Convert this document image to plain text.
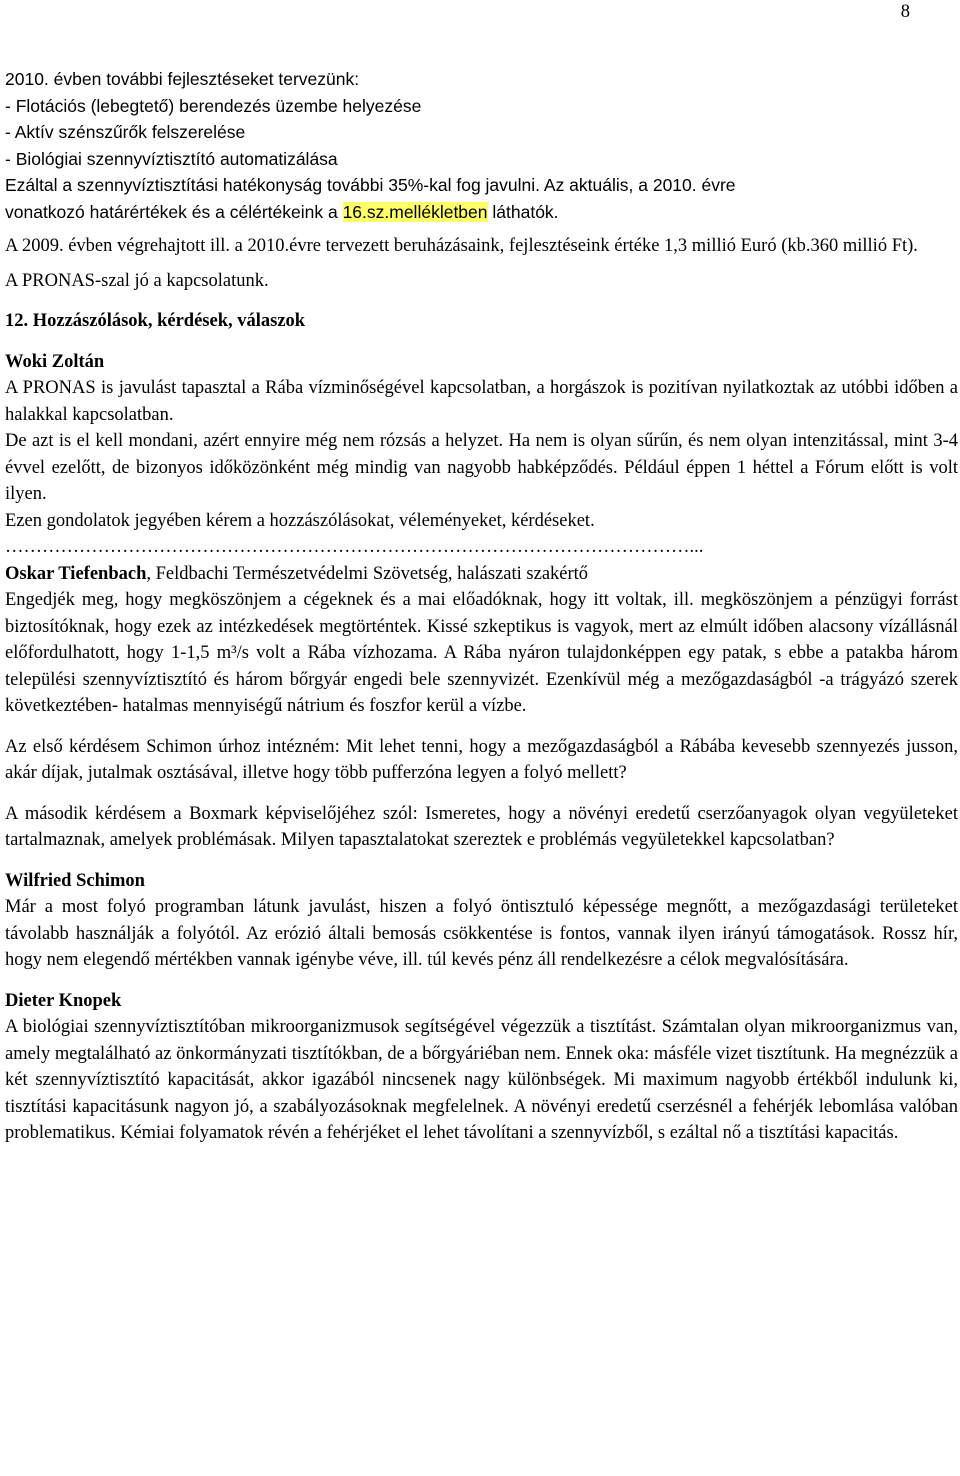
8
2010. évben további fejlesztéseket tervezünk:
- Flotációs (lebegtető) berendezés üzembe helyezése
- Aktív szénszűrők felszerelése
- Biológiai szennyvíztisztító automatizálása
Ezáltal a szennyvíztisztítási hatékonyság további 35%-kal fog javulni. Az aktuális, a 2010. évre
vonatkozó határértékek és a célértékeink a 16.sz.mellékletben láthatók.

A 2009. évben végrehajtott ill. a 2010.évre tervezett beruházásaink, fejlesztéseink értéke 1,3 millió Euró (kb.360 millió Ft).

A PRONAS-szal jó a kapcsolatunk.

12. Hozzászólások, kérdések, válaszok

Woki Zoltán

A PRONAS is javulást tapasztal a Rába vízminőségével kapcsolatban, a horgászok is pozitívan nyilatkoztak az utóbbi időben a halakkal kapcsolatban.

De azt is el kell mondani, azért ennyire még nem rózsás a helyzet. Ha nem is olyan sűrűn, és nem olyan intenzitással, mint 3-4 évvel ezelőtt, de bizonyos időközönként még mindig van nagyobb habképződés. Például éppen 1 héttel a Fórum előtt is volt ilyen.

Ezen gondolatok jegyében kérem a hozzászólásokat, véleményeket, kérdéseket.

…………………………………………………………………………………………………...

Oskar Tiefenbach, Feldbachi Természetvédelmi Szövetség, halászati szakértő

Engedjék meg, hogy megköszönjem a cégeknek és a mai előadóknak, hogy itt voltak, ill. megköszönjem a pénzügyi forrást biztosítóknak, hogy ezek az intézkedések megtörténtek. Kissé szkeptikus is vagyok, mert az elmúlt időben alacsony vízállásnál előfordulhatott, hogy 1-1,5 m³/s volt a Rába vízhozama. A Rába nyáron tulajdonképpen egy patak, s ebbe a patakba három települési szennyvíztisztító és három bőrgyár engedi bele szennyvizét. Ezenkívül még a mezőgazdaságból -a trágyázó szerek következtében- hatalmas mennyiségű nátrium és foszfor kerül a vízbe.

Az első kérdésem Schimon úrhoz intézném: Mit lehet tenni, hogy a mezőgazdaságból a Rábába kevesebb szennyezés jusson, akár díjak, jutalmak osztásával, illetve hogy több pufferzóna legyen a folyó mellett?

A második kérdésem a Boxmark képviselőjéhez szól: Ismeretes, hogy a növényi eredetű cserzőanyagok olyan vegyületeket tartalmaznak, amelyek problémásak. Milyen tapasztalatokat szereztek e problémás vegyületekkel kapcsolatban?

Wilfried Schimon

Már a most folyó programban látunk javulást, hiszen a folyó öntisztuló képessége megnőtt, a mezőgazdasági területeket távolabb használják a folyótól. Az erózió általi bemosás csökkentése is fontos, vannak ilyen irányú támogatások. Rossz hír, hogy nem elegendő mértékben vannak igénybe véve, ill. túl kevés pénz áll rendelkezésre a célok megvalósítására.

Dieter Knopek

A biológiai szennyvíztisztítóban mikroorganizmusok segítségével végezzük a tisztítást. Számtalan olyan mikroorganizmus van, amely megtalálható az önkormányzati tisztítókban, de a bőrgyáriéban nem. Ennek oka: másféle vizet tisztítunk. Ha megnézzük a két szennyvíztisztító kapacitását, akkor igazából nincsenek nagy különbségek. Mi maximum nagyobb értékből indulunk ki, tisztítási kapacitásunk nagyon jó, a szabályozásoknak megfelelnek. A növényi eredetű cserzésnél a fehérjék lebomlása valóban problematikus. Kémiai folyamatok révén a fehérjéket el lehet távolítani a szennyvízből, s ezáltal nő a tisztítási kapacitás.
